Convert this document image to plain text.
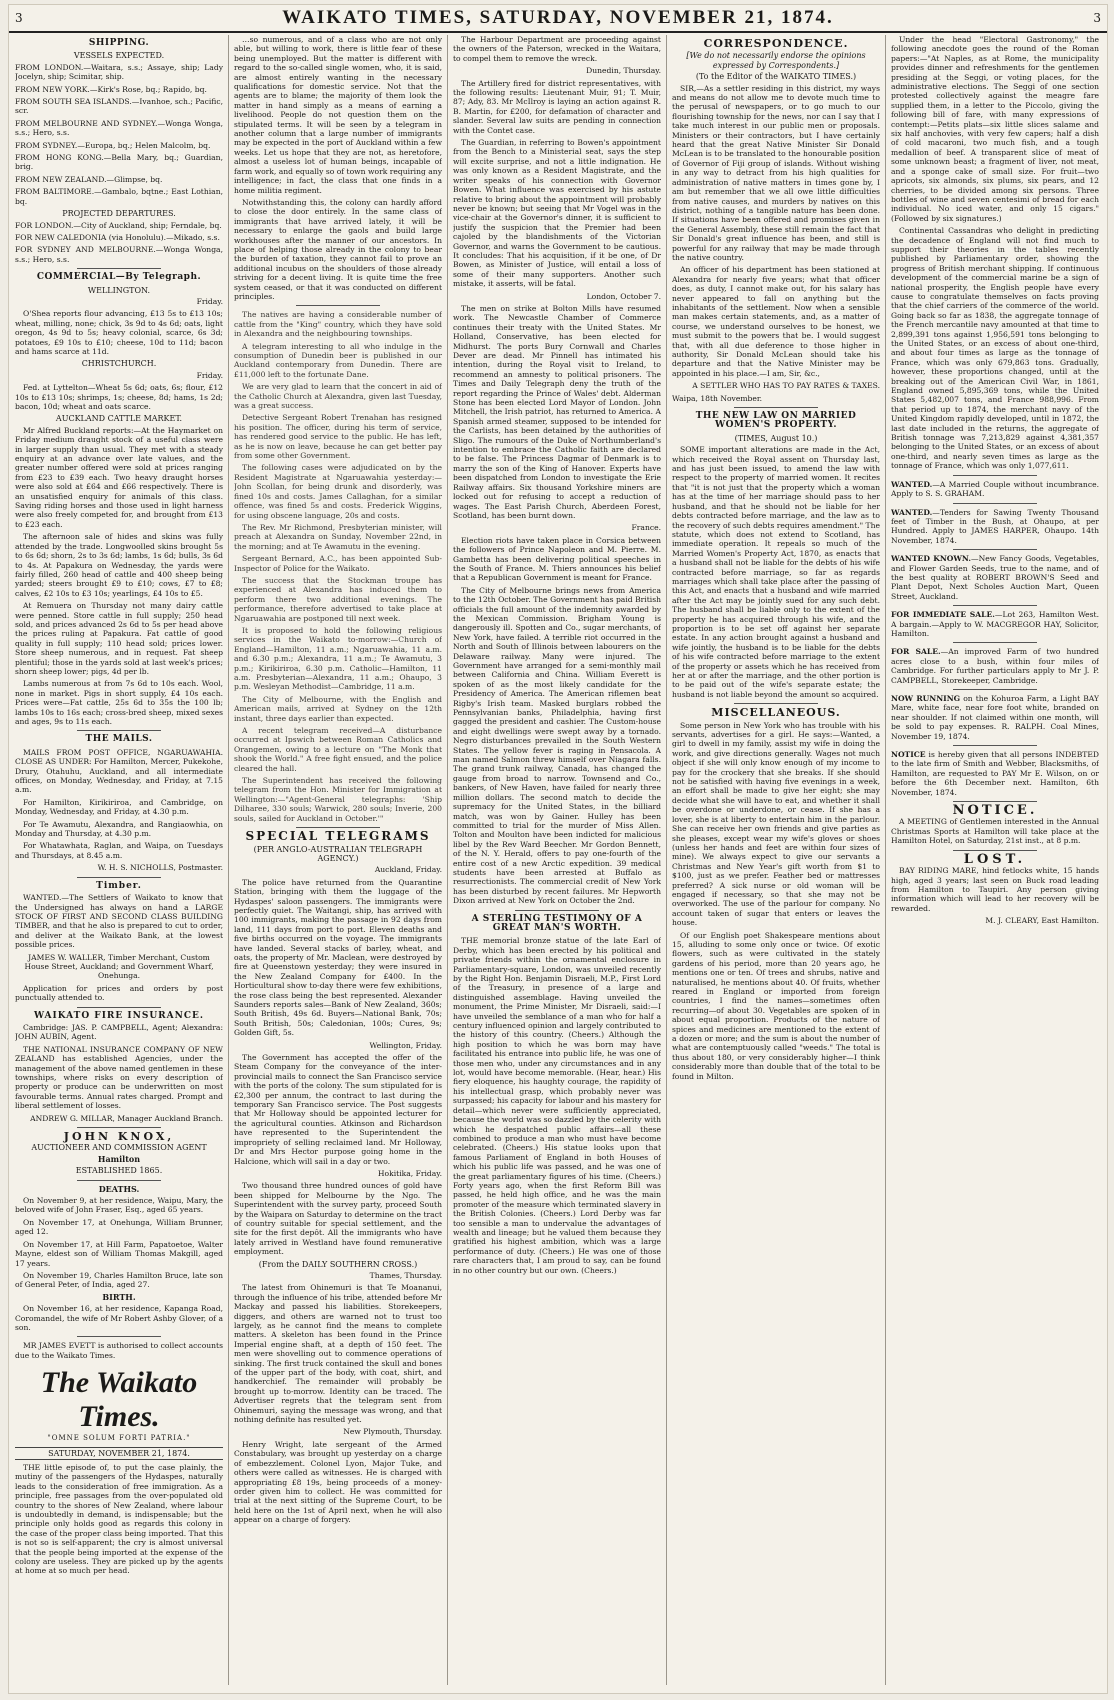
3	WAIKATO TIMES, SATURDAY, NOVEMBER 21, 1874.	3
SHIPPING.
VESSELS EXPECTED.

FROM LONDON.—Waitara, s.s.; Assaye, ship; Lady Jocelyn, ship; Scimitar, ship.

FROM NEW YORK.—Kirk's Rose, bq.; Rapido, bq.

FROM SOUTH SEA ISLANDS.—Ivanhoe, sch.; Pacific, scr.

FROM MELBOURNE AND SYDNEY.—Wonga Wonga, s.s.; Hero, s.s.

FROM SYDNEY.—Europa, bq.; Helen Malcolm, bq.

FROM HONG KONG.—Bella Mary, bq.; Guardian, brig.

FROM NEW ZEALAND.—Glimpse, bq.

FROM BALTIMORE.—Gambalo, bqtne.; East Lothian, bq.

PROJECTED DEPARTURES.

FOR LONDON.—City of Auckland, ship; Ferndale, bq.

FOR NEW CALEDONIA (via Honolulu).—Mikado, s.s.

FOR SYDNEY AND MELBOURNE.—Wonga Wonga, s.s.; Hero, s.s.

COMMERCIAL—By Telegraph.
WELLINGTON.
Friday.

O'Shea reports flour advancing, £13 5s to £13 10s; wheat, milling, none; chick, 3s 9d to 4s 6d; oats, light oregon, 4s 9d to 5s; heavy colonial, scarce, 6s 3d; potatoes, £9 10s to £10; cheese, 10d to 11d; bacon and hams scarce at 11d.

CHRISTCHURCH.
Friday.

Fed. at Lyttelton—Wheat 5s 6d; oats, 6s; flour, £12 10s to £13 10s; shrimps, 1s; cheese, 8d; hams, 1s 2d; bacon, 10d; wheat and oats scarce.

AUCKLAND CATTLE MARKET.

Mr Alfred Buckland reports:—At the Haymarket on Friday medium draught stock of a useful class were in larger supply than usual. They met with a steady enquiry at an advance over late values, and the greater number offered were sold at prices ranging from £23 to £39 each. Two heavy draught horses were also sold at £64 and £66 respectively. There is an unsatisfied enquiry for animals of this class. Saving riding horses and those used in light harness were also freely competed for, and brought from £13 to £23 each.

The afternoon sale of hides and skins was fully attended by the trade. Longwoolled skins brought 5s to 6s 6d; shorn, 2s to 3s 6d; lambs, 1s 6d; bulls, 3s 6d to 4s. At Papakura on Wednesday, the yards were fairly filled, 260 head of cattle and 400 sheep being yarded; steers brought £9 to £10; cows, £7 to £8; calves, £2 10s to £3 10s; yearlings, £4 10s to £5.

At Remuera on Thursday not many dairy cattle were penned. Store cattle in full supply; 250 head sold, and prices advanced 2s 6d to 5s per head above the prices ruling at Papakura. Fat cattle of good quality in full supply; 110 head sold; prices lower. Store sheep numerous, and in request. Fat sheep plentiful; those in the yards sold at last week's prices; shorn sheep lower; pigs, 4d per lb.

Lambs numerous at from 7s 6d to 10s each. Wool, none in market. Pigs in short supply, £4 10s each. Prices were—Fat cattle, 25s 6d to 35s the 100 lb; lambs 10s to 16s each; cross-bred sheep, mixed sexes and ages, 9s to 11s each.

THE MAILS.

MAILS FROM POST OFFICE, NGARUAWAHIA. CLOSE AS UNDER: For Hamilton, Mercer, Pukekohe, Drury, Otahuhu, Auckland, and all intermediate offices, on Monday, Wednesday, and Friday, at 7.15 a.m.

For Hamilton, Kirikiriroa, and Cambridge, on Monday, Wednesday, and Friday, at 4.30 p.m.

For Te Awamutu, Alexandra, and Rangiaowhia, on Monday and Thursday, at 4.30 p.m.

For Whatawhata, Raglan, and Waipa, on Tuesdays and Thursdays, at 8.45 a.m.

W. H. S. NICHOLLS, Postmaster.
Timber.

WANTED.—The Settlers of Waikato to know that the Undersigned has always on hand a LARGE STOCK OF FIRST AND SECOND CLASS BUILDING TIMBER, and that he also is prepared to cut to order, and deliver at the Waikato Bank, at the lowest possible prices.

JAMES W. WALLER, Timber Merchant, Custom House Street, Auckland; and Government Wharf, Onehunga.

Application for prices and orders by post punctually attended to.

WAIKATO FIRE INSURANCE.

Cambridge: JAS. P. CAMPBELL, Agent; Alexandra: JOHN AUBIN, Agent.

THE NATIONAL INSURANCE COMPANY OF NEW ZEALAND has established Agencies, under the management of the above named gentlemen in these townships, where risks on every description of property or produce can be underwritten on most favourable terms. Annual rates charged. Prompt and liberal settlement of losses.

ANDREW G. MILLAR, Manager Auckland Branch.
JOHN KNOX,
AUCTIONEER AND COMMISSION AGENT
Hamilton
ESTABLISHED 1865.
DEATHS.

On November 9, at her residence, Waipu, Mary, the beloved wife of John Fraser, Esq., aged 65 years.

On November 17, at Onehunga, William Brunner, aged 12.

On November 17, at Hill Farm, Papatoetoe, Walter Mayne, eldest son of William Thomas Makgill, aged 17 years.

On November 19, Charles Hamilton Bruce, late son of General Peter, of India, aged 27.

BIRTH.

On November 16, at her residence, Kapanga Road, Coromandel, the wife of Mr Robert Ashby Glover, of a son.

MR JAMES EVETT is authorised to collect accounts due to the Waikato Times.

The Waikato Times.
"OMNE SOLUM FORTI PATRIA."
SATURDAY, NOVEMBER 21, 1874.

THE little episode of, to put the case plainly, the mutiny of the passengers of the Hydaspes, naturally leads to the consideration of free immigration. As a principle, free passages from the over-populated old country to the shores of New Zealand, where labour is undoubtedly in demand, is indispensable; but the principle only holds good as regards this colony in the case of the proper class being imported. That this is not so is self-apparent; the cry is almost universal that the people being imported at the expense of the colony are useless. They are picked up by the agents at home at so much per head.

…so numerous, and of a class who are not only able, but willing to work, there is little fear of these being unemployed. But the matter is different with regard to the so-called single women, who, it is said, are almost entirely wanting in the necessary qualifications for domestic service. Not that the agents are to blame; the majority of them look the matter in hand simply as a means of earning a livelihood. People do not question them on the stipulated terms. It will be seen by a telegram in another column that a large number of immigrants may be expected in the port of Auckland within a few weeks. Let us hope that they are not, as heretofore, almost a useless lot of human beings, incapable of farm work, and equally so of town work requiring any intelligence; in fact, the class that one finds in a home militia regiment.

Notwithstanding this, the colony can hardly afford to close the door entirely. In the same class of immigrants that have arrived lately, it will be necessary to enlarge the gaols and build large workhouses after the manner of our ancestors. In place of helping those already in the colony to bear the burden of taxation, they cannot fail to prove an additional incubus on the shoulders of those already striving for a decent living. It is quite time the free system ceased, or that it was conducted on different principles.

The natives are having a considerable number of cattle from the "King" country, which they have sold in Alexandra and the neighbouring townships.

A telegram interesting to all who indulge in the consumption of Dunedin beer is published in our Auckland contemporary from Dunedin. There are £11,000 left to the fortunate Dane.

We are very glad to learn that the concert in aid of the Catholic Church at Alexandra, given last Tuesday, was a great success.

Detective Sergeant Robert Trenahan has resigned his position. The officer, during his term of service, has rendered good service to the public. He has left, as he is now on leave, because he can get better pay from some other Government.

The following cases were adjudicated on by the Resident Magistrate at Ngaruawahia yesterday:—John Scollan, for being drunk and disorderly, was fined 10s and costs. James Callaghan, for a similar offence, was fined 5s and costs. Frederick Wiggins, for using obscene language, 20s and costs.

The Rev. Mr Richmond, Presbyterian minister, will preach at Alexandra on Sunday, November 22nd, in the morning; and at Te Awamutu in the evening.

Sergeant Bernard, A.C., has been appointed Sub-Inspector of Police for the Waikato.

The success that the Stockman troupe has experienced at Alexandra has induced them to perform there two additional evenings. The performance, therefore advertised to take place at Ngaruawahia are postponed till next week.

It is proposed to hold the following religious services in the Waikato to-morrow:—Church of England—Hamilton, 11 a.m.; Ngaruawahia, 11 a.m. and 6.30 p.m.; Alexandra, 11 a.m.; Te Awamutu, 3 p.m.; Kirikiriroa, 6.30 p.m. Catholic—Hamilton, 11 a.m. Presbyterian—Alexandra, 11 a.m.; Ohaupo, 3 p.m. Wesleyan Methodist—Cambridge, 11 a.m.

The City of Melbourne, with the English and American mails, arrived at Sydney on the 12th instant, three days earlier than expected.

A recent telegram received—A disturbance occurred at Ipswich between Roman Catholics and Orangemen, owing to a lecture on "The Monk that shook the World." A free fight ensued, and the police cleared the hall.

The Superintendent has received the following telegram from the Hon. Minister for Immigration at Wellington:—"Agent-General telegraphs: 'Ship Dilharee, 330 souls; Warwick, 280 souls; Inverie, 200 souls, sailed for Auckland in October.'"

SPECIAL TELEGRAMS
(PER ANGLO-AUSTRALIAN TELEGRAPH AGENCY.)
Auckland, Friday.

The police have returned from the Quarantine Station, bringing with them the luggage of the Hydaspes' saloon passengers. The immigrants were perfectly quiet. The Waitangi, ship, has arrived with 100 immigrants, making the passage in 92 days from land, 111 days from port to port. Eleven deaths and five births occurred on the voyage. The immigrants have landed. Several stacks of barley, wheat, and oats, the property of Mr. Maclean, were destroyed by fire at Queenstown yesterday; they were insured in the New Zealand Company for £400. In the Horticultural show to-day there were few exhibitions, the rose class being the best represented. Alexander Saunders reports sales—Bank of New Zealand, 360s; South British, 49s 6d. Buyers—National Bank, 70s; South British, 50s; Caledonian, 100s; Cures, 9s; Golden Gift, 5s.

Wellington, Friday.

The Government has accepted the offer of the Steam Company for the conveyance of the inter-provincial mails to connect the San Francisco service with the ports of the colony. The sum stipulated for is £2,300 per annum, the contract to last during the temporary San Francisco service. The Post suggests that Mr Holloway should be appointed lecturer for the agricultural counties. Atkinson and Richardson have represented to the Superintendent the impropriety of selling reclaimed land. Mr Holloway, Dr and Mrs Hector purpose going home in the Halcione, which will sail in a day or two.

Hokitika, Friday.

Two thousand three hundred ounces of gold have been shipped for Melbourne by the Ngo. The Superintendent with the survey party, proceed South by the Waipara on Saturday to determine on the tract of country suitable for special settlement, and the site for the first depôt. All the immigrants who have lately arrived in Westland have found remunerative employment.

(From the DAILY SOUTHERN CROSS.)
Thames, Thursday.

The latest from Ohinemuri is that Te Moananui, through the influence of his tribe, attended before Mr Mackay and passed his liabilities. Storekeepers, diggers, and others are warned not to trust too largely, as he cannot find the means to complete matters. A skeleton has been found in the Prince Imperial engine shaft, at a depth of 150 feet. The men were shovelling out to commence operations of sinking. The first truck contained the skull and bones of the upper part of the body, with coat, shirt, and handkerchief. The remainder will probably be brought up to-morrow. Identity can be traced. The Advertiser regrets that the telegram sent from Ohinemuri, saying the message was wrong, and that nothing definite has resulted yet.

New Plymouth, Thursday.

Henry Wright, late sergeant of the Armed Constabulary, was brought up yesterday on a charge of embezzlement. Colonel Lyon, Major Tuke, and others were called as witnesses. He is charged with appropriating £8 19s, being proceeds of a money-order given him to collect. He was committed for trial at the next sitting of the Supreme Court, to be held here on the 1st of April next, when he will also appear on a charge of forgery.

The Harbour Department are proceeding against the owners of the Paterson, wrecked in the Waitara, to compel them to remove the wreck.

Dunedin, Thursday.

The Artillery fired for district representatives, with the following results: Lieutenant Muir, 91; T. Muir, 87; Ady, 83. Mr McIlroy is laying an action against R. B. Martin, for £200, for defamation of character and slander. Several law suits are pending in connection with the Contet case.

The Guardian, in referring to Bowen's appointment from the Bench to a Ministerial seat, says the step will excite surprise, and not a little indignation. He was only known as a Resident Magistrate, and the writer speaks of his connection with Governor Bowen. What influence was exercised by his astute relative to bring about the appointment will probably never be known; but seeing that Mr Vogel was in the vice-chair at the Governor's dinner, it is sufficient to justify the suspicion that the Premier had been cajoled by the blandishments of the Victorian Governor, and warns the Government to be cautious. It concludes: That his acquisition, if it be one, of Dr Bowen, as Minister of Justice, will entail a loss of some of their many supporters. Another such mistake, it asserts, will be fatal.

London, October 7.

The men on strike at Bolton Mills have resumed work. The Newcastle Chamber of Commerce continues their treaty with the United States. Mr Holland, Conservative, has been elected for Midhurst. The ports Bury Cornwall and Charles Dever are dead. Mr Pinnell has intimated his intention, during the Royal visit to Ireland, to recommend an amnesty to political prisoners. The Times and Daily Telegraph deny the truth of the report regarding the Prince of Wales' debt. Alderman Stone has been elected Lord Mayor of London. John Mitchell, the Irish patriot, has returned to America. A Spanish armed steamer, supposed to be intended for the Carlists, has been detained by the authorities of Sligo. The rumours of the Duke of Northumberland's intention to embrace the Catholic faith are declared to be false. The Princess Dagmar of Denmark is to marry the son of the King of Hanover. Experts have been dispatched from London to investigate the Erie Railway affairs. Six thousand Yorkshire miners are locked out for refusing to accept a reduction of wages. The East Parish Church, Aberdeen Forest, Scotland, has been burnt down.

France.

Election riots have taken place in Corsica between the followers of Prince Napoleon and M. Pierre. M. Gambetta has been delivering political speeches in the South of France. M. Thiers announces his belief that a Republican Government is meant for France.

The City of Melbourne brings news from America to the 12th October. The Government has paid British officials the full amount of the indemnity awarded by the Mexican Commission. Brigham Young is dangerously ill. Spotten and Co., sugar merchants, of New York, have failed. A terrible riot occurred in the North and South of Illinois between labourers on the Delaware railway. Many were injured. The Government have arranged for a semi-monthly mail between California and China. William Everett is spoken of as the most likely candidate for the Presidency of America. The American riflemen beat Rigby's Irish team. Masked burglars robbed the Pennsylvanian banks, Philadelphia, having first gagged the president and cashier. The Custom-house and eight dwellings were swept away by a tornado. Negro disturbances prevailed in the South Western States. The yellow fever is raging in Pensacola. A man named Salmon threw himself over Niagara falls. The grand trunk railway, Canada, has changed the gauge from broad to narrow. Townsend and Co., bankers, of New Haven, have failed for nearly three million dollars. The second match to decide the supremacy for the United States, in the billiard match, was won by Gainer. Hulley has been committed to trial for the murder of Miss Allen. Tolton and Moulton have been indicted for malicious libel by the Rev Ward Beecher. Mr Gordon Bennett, of the N. Y. Herald, offers to pay one-fourth of the entire cost of a new Arctic expedition. 39 medical students have been arrested at Buffalo as resurrectionists. The commercial credit of New York has been disturbed by recent failures. Mr Hepworth Dixon arrived at New York on October the 2nd.

A STERLING TESTIMONY OF A GREAT MAN'S WORTH.

THE memorial bronze statue of the late Earl of Derby, which has been erected by his political and private friends within the ornamental enclosure in Parliamentary-square, London, was unveiled recently by the Right Hon. Benjamin Disraeli, M.P., First Lord of the Treasury, in presence of a large and distinguished assemblage. Having unveiled the monument, the Prime Minister, Mr Disraeli, said:—I have unveiled the semblance of a man who for half a century influenced opinion and largely contributed to the history of this country. (Cheers.) Although the high position to which he was born may have facilitated his entrance into public life, he was one of those men who, under any circumstances and in any lot, would have become memorable. (Hear, hear.) His fiery eloquence, his haughty courage, the rapidity of his intellectual grasp, which probably never was surpassed; his capacity for labour and his mastery for detail—which never were sufficiently appreciated, because the world was so dazzled by the celerity with which he despatched public affairs—all these combined to produce a man who must have become celebrated. (Cheers.) His statue looks upon that famous Parliament of England in both Houses of which his public life was passed, and he was one of the great parliamentary figures of his time. (Cheers.) Forty years ago, when the first Reform Bill was passed, he held high office, and he was the main promoter of the measure which terminated slavery in the British Colonies. (Cheers.) Lord Derby was far too sensible a man to undervalue the advantages of wealth and lineage; but he valued them because they gratified his highest ambition, which was a large performance of duty. (Cheers.) He was one of those rare characters that, I am proud to say, can be found in no other country but our own. (Cheers.)

CORRESPONDENCE.
[We do not necessarily endorse the opinions expressed by Correspondents.]
(To the Editor of the WAIKATO TIMES.)

SIR,—As a settler residing in this district, my ways and means do not allow me to devote much time to the perusal of newspapers, or to go much to our flourishing township for the news, nor can I say that I take much interest in our public men or proposals. Ministers or their contractors, but I have certainly heard that the great Native Minister Sir Donald McLean is to be translated to the honourable position of Governor of Fiji group of islands. Without wishing in any way to detract from his high qualities for administration of native matters in times gone by, I am but remember that we all owe little difficulties from native causes, and murders by natives on this district, nothing of a tangible nature has been done. If situations have been offered and promises given in the General Assembly, these still remain the fact that Sir Donald's great influence has been, and still is powerful for any railway that may be made through the native country.

An officer of his department has been stationed at Alexandra for nearly five years; what that officer does, as duty, I cannot make out, for his salary has never appeared to fall on anything but the inhabitants of the settlement. Now when a sensible man makes certain statements, and, as a matter of course, we understand ourselves to be honest, we must submit to the powers that be. I would suggest that, with all due deference to those higher in authority, Sir Donald McLean should take his departure and that the Native Minister may be appointed in his place.—I am, Sir, &c.,

A SETTLER WHO HAS TO PAY RATES & TAXES.

Waipa, 18th November.

THE NEW LAW ON MARRIED WOMEN'S PROPERTY.
(TIMES, August 10.)

SOME important alterations are made in the Act, which received the Royal assent on Thursday last, and has just been issued, to amend the law with respect to the property of married women. It recites that "it is not just that the property which a woman has at the time of her marriage should pass to her husband, and that he should not be liable for her debts contracted before marriage, and the law as to the recovery of such debts requires amendment." The statute, which does not extend to Scotland, has immediate operation. It repeals so much of the Married Women's Property Act, 1870, as enacts that a husband shall not be liable for the debts of his wife contracted before marriage, so far as regards marriages which shall take place after the passing of this Act, and enacts that a husband and wife married after the Act may be jointly sued for any such debt. The husband shall be liable only to the extent of the property he has acquired through his wife, and the proportion is to be set off against her separate estate. In any action brought against a husband and wife jointly, the husband is to be liable for the debts of his wife contracted before marriage to the extent of the property or assets which he has received from her at or after the marriage, and the other portion is to be paid out of the wife's separate estate; the husband is not liable beyond the amount so acquired.

MISCELLANEOUS.

Some person in New York who has trouble with his servants, advertises for a girl. He says:—Wanted, a girl to dwell in my family, assist my wife in doing the work, and give directions generally. Wages not much object if she will only know enough of my income to pay for the crockery that she breaks. If she should not be satisfied with having five evenings in a week, an effort shall be made to give her eight; she may decide what she will have to eat, and whether it shall be overdone or underdone, or cease. If she has a lover, she is at liberty to entertain him in the parlour. She can receive her own friends and give parties as she pleases, except wear my wife's gloves or shoes (unless her hands and feet are within four sizes of mine). We always expect to give our servants a Christmas and New Year's gift worth from $1 to $100, just as we prefer. Feather bed or mattresses preferred? A sick nurse or old woman will be engaged if necessary, so that she may not be overworked. The use of the parlour for company. No account taken of sugar that enters or leaves the house.

Of our English poet Shakespeare mentions about 15, alluding to some only once or twice. Of exotic flowers, such as were cultivated in the stately gardens of his period, more than 20 years ago, he mentions one or ten. Of trees and shrubs, native and naturalised, he mentions about 40. Of fruits, whether reared in England or imported from foreign countries, I find the names—sometimes often recurring—of about 30. Vegetables are spoken of in about equal proportion. Products of the nature of spices and medicines are mentioned to the extent of a dozen or more; and the sum is about the number of what are contemptuously called "weeds." The total is thus about 180, or very considerably higher—I think considerably more than double that of the total to be found in Milton.

Under the head "Electoral Gastronomy," the following anecdote goes the round of the Roman papers:—"At Naples, as at Rome, the municipality provides dinner and refreshments for the gentlemen presiding at the Seggi, or voting places, for the administrative elections. The Seggi of one section protested collectively against the meagre fare supplied them, in a letter to the Piccolo, giving the following bill of fare, with many expressions of contempt:—Petits plats—six little slices salame and six half anchovies, with very few capers; half a dish of cold macaroni, two much fish, and a tough medallion of beef. A transparent slice of meat of some unknown beast; a fragment of liver, not meat, and a sponge cake of small size. For fruit—two apricots, six almonds, six plums, six pears, and 12 cherries, to be divided among six persons. Three bottles of wine and seven centesimi of bread for each individual. No iced water, and only 15 cigars." (Followed by six signatures.)

Continental Cassandras who delight in predicting the decadence of England will not find much to support their theories in the tables recently published by Parliamentary order, showing the progress of British merchant shipping. If continuous development of the commercial marine be a sign of national prosperity, the English people have every cause to congratulate themselves on facts proving that the chief carriers of the commerce of the world. Going back so far as 1838, the aggregate tonnage of the French mercantile navy amounted at that time to 2,899,391 tons against 1,956,591 tons belonging to the United States, or an excess of about one-third, and about four times as large as the tonnage of France, which was only 679,863 tons. Gradually, however, these proportions changed, until at the breaking out of the American Civil War, in 1861, England owned 5,895,369 tons, while the United States 5,482,007 tons, and France 988,996. From that period up to 1874, the merchant navy of the United Kingdom rapidly developed, until in 1872, the last date included in the returns, the aggregate of British tonnage was 7,213,829 against 4,381,357 belonging to the United States, or an excess of about one-third, and nearly seven times as large as the tonnage of France, which was only 1,077,611.

WANTED.—A Married Couple without incumbrance. Apply to S. S. GRAHAM.

WANTED.—Tenders for Sawing Twenty Thousand feet of Timber in the Bush, at Ohaupo, at per Hundred. Apply to JAMES HARPER, Ohaupo. 14th November, 1874.

WANTED KNOWN.—New Fancy Goods, Vegetables, and Flower Garden Seeds, true to the name, and of the best quality at ROBERT BROWN'S Seed and Plant Depot, Next Scholes Auction Mart, Queen Street, Auckland.

FOR IMMEDIATE SALE.—Lot 263, Hamilton West. A bargain.—Apply to W. MACGREGOR HAY, Solicitor, Hamilton.

FOR SALE.—An improved Farm of two hundred acres close to a bush, within four miles of Cambridge. For further particulars apply to Mr J. P. CAMPBELL, Storekeeper, Cambridge.

NOW RUNNING on the Kohuroa Farm, a Light BAY Mare, white face, near fore foot white, branded on near shoulder. If not claimed within one month, will be sold to pay expenses. R. RALPH. Coal Mines, November 19, 1874.

NOTICE is hereby given that all persons INDEBTED to the late firm of Smith and Webber, Blacksmiths, of Hamilton, are requested to PAY Mr E. Wilson, on or before the 6th December next. Hamilton, 6th November, 1874.

NOTICE.

A MEETING of Gentlemen interested in the Annual Christmas Sports at Hamilton will take place at the Hamilton Hotel, on Saturday, 21st inst., at 8 p.m.

LOST.

BAY RIDING MARE, hind fetlocks white, 15 hands high, aged 3 years; last seen on Buck road leading from Hamilton to Taupiri. Any person giving information which will lead to her recovery will be rewarded.

M. J. CLEARY, East Hamilton.
